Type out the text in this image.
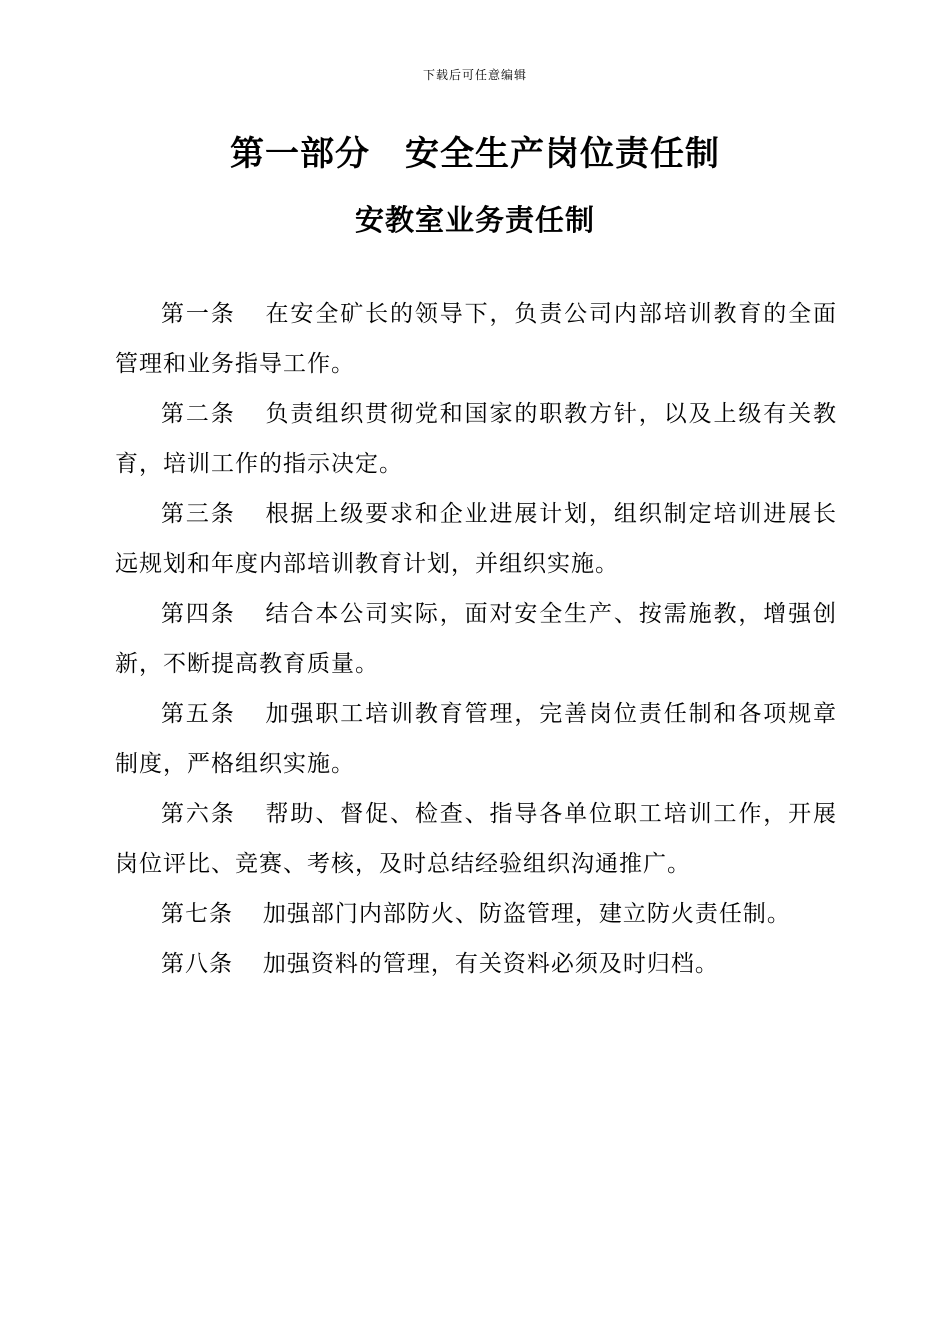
下载后可任意编辑
第一部分　安全生产岗位责任制
安教室业务责任制

第一条 在安全矿长的领导下，负责公司内部培训教育的全面管理和业务指导工作。

第二条 负责组织贯彻党和国家的职教方针，以及上级有关教育，培训工作的指示决定。

第三条 根据上级要求和企业进展计划，组织制定培训进展长远规划和年度内部培训教育计划，并组织实施。

第四条 结合本公司实际，面对安全生产、按需施教，增强创新，不断提高教育质量。

第五条 加强职工培训教育管理，完善岗位责任制和各项规章制度，严格组织实施。

第六条 帮助、督促、检查、指导各单位职工培训工作，开展岗位评比、竞赛、考核，及时总结经验组织沟通推广。

第七条 加强部门内部防火、防盗管理，建立防火责任制。

第八条 加强资料的管理，有关资料必须及时归档。
